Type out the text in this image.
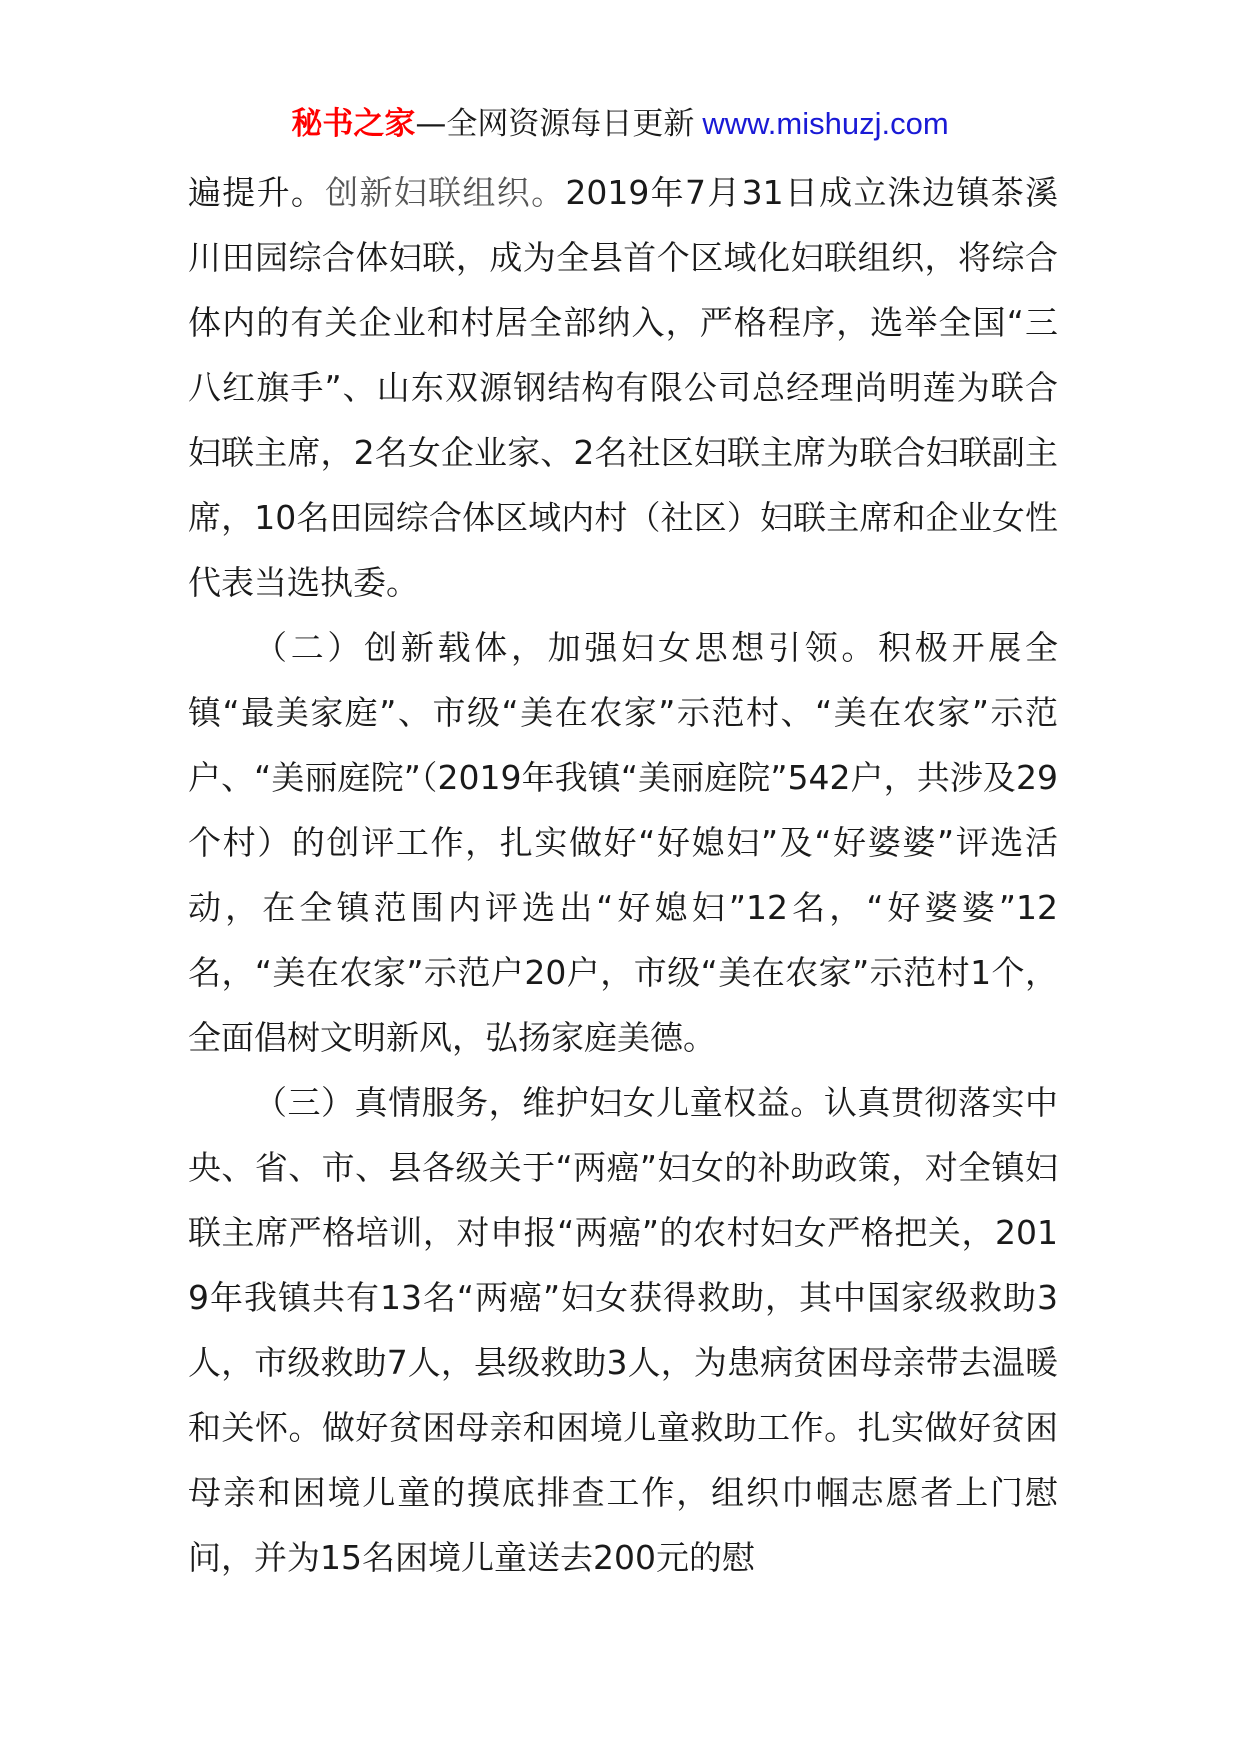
秘书之家—全网资源每日更新 www.mishuzj.com

遍提升。创新妇联组织。2019年7月31日成立洙边镇茶溪川田园综合体妇联，成为全县首个区域化妇联组织，将综合体内的有关企业和村居全部纳入，严格程序，选举全国“三八红旗手”、山东双源钢结构有限公司总经理尚明莲为联合妇联主席，2名女企业家、2名社区妇联主席为联合妇联副主席，10名田园综合体区域内村（社区）妇联主席和企业女性代表当选执委。

（二）创新载体，加强妇女思想引领。积极开展全镇“最美家庭”、市级“美在农家”示范村、“美在农家”示范户、“美丽庭院”（2019年我镇“美丽庭院”542户，共涉及29个村）的创评工作，扎实做好“好媳妇”及“好婆婆”评选活动，在全镇范围内评选出“好媳妇”12名，“好婆婆”12名，“美在农家”示范户20户，市级“美在农家”示范村1个，全面倡树文明新风，弘扬家庭美德。

（三）真情服务，维护妇女儿童权益。认真贯彻落实中央、省、市、县各级关于“两癌”妇女的补助政策，对全镇妇联主席严格培训，对申报“两癌”的农村妇女严格把关，2019年我镇共有13名“两癌”妇女获得救助，其中国家级救助3人，市级救助7人，县级救助3人，为患病贫困母亲带去温暖和关怀。做好贫困母亲和困境儿童救助工作。扎实做好贫困母亲和困境儿童的摸底排查工作，组织巾帼志愿者上门慰问，并为15名困境儿童送去200元的慰
